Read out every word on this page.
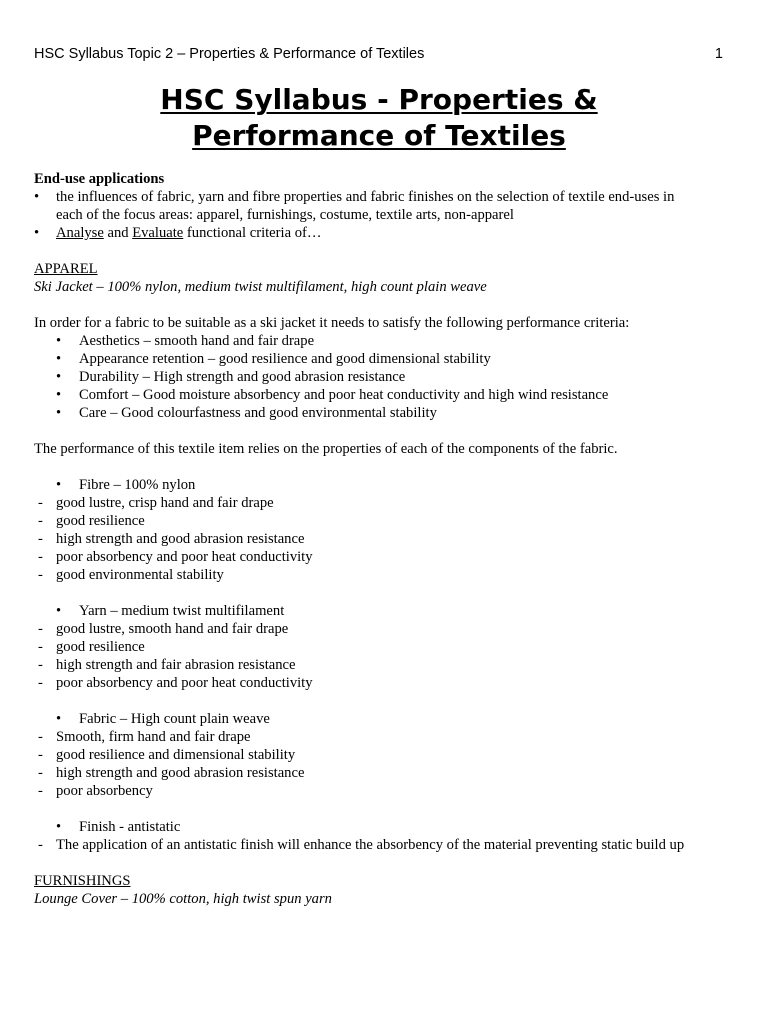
HSC Syllabus Topic 2 – Properties & Performance of Textiles	1
HSC Syllabus - Properties &
Performance of Textiles
End-use applications
• the influences of fabric, yarn and fibre properties and fabric finishes on the selection of textile end-uses in
each of the focus areas: apparel, furnishings, costume, textile arts, non-apparel
• Analyse and Evaluate functional criteria of…
APPAREL
Ski Jacket – 100% nylon, medium twist multifilament, high count plain weave
In order for a fabric to be suitable as a ski jacket it needs to satisfy the following performance criteria:
• Aesthetics – smooth hand and fair drape
• Appearance retention – good resilience and good dimensional stability
• Durability – High strength and good abrasion resistance
• Comfort – Good moisture absorbency and poor heat conductivity and high wind resistance
• Care – Good colourfastness and good environmental stability
The performance of this textile item relies on the properties of each of the components of the fabric.
• Fibre – 100% nylon
- good lustre, crisp hand and fair drape
- good resilience
- high strength and good abrasion resistance
- poor absorbency and poor heat conductivity
- good environmental stability
• Yarn – medium twist multifilament
- good lustre, smooth hand and fair drape
- good resilience
- high strength and fair abrasion resistance
- poor absorbency and poor heat conductivity
• Fabric – High count plain weave
- Smooth, firm hand and fair drape
- good resilience and dimensional stability
- high strength and good abrasion resistance
- poor absorbency
• Finish - antistatic
- The application of an antistatic finish will enhance the absorbency of the material preventing static build up
FURNISHINGS
Lounge Cover – 100% cotton, high twist spun yarn
